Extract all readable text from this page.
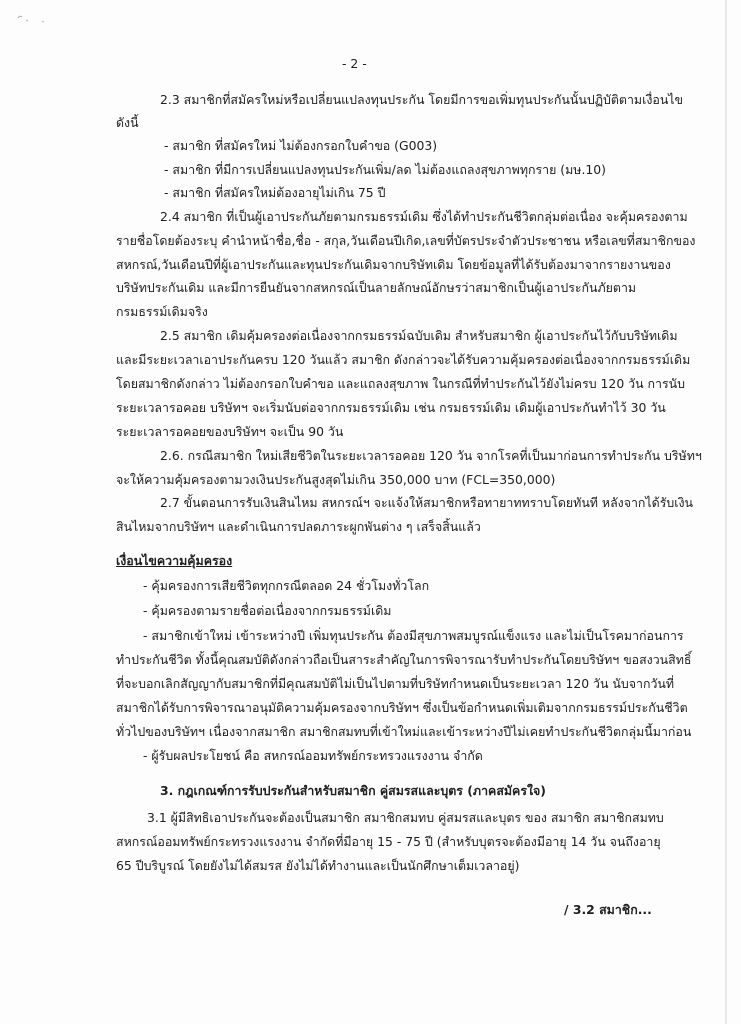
- 2 -
2.3 สมาชิกที่สมัครใหม่หรือเปลี่ยนแปลงทุนประกัน โดยมีการขอเพิ่มทุนประกันนั้นปฏิบัติตามเงื่อนไข
ดังนี้
- สมาชิก ที่สมัครใหม่ ไม่ต้องกรอกใบคำขอ (G003)
- สมาชิก ที่มีการเปลี่ยนแปลงทุนประกันเพิ่ม/ลด ไม่ต้องแถลงสุขภาพทุกราย (มษ.10)
- สมาชิก ที่สมัครใหม่ต้องอายุไม่เกิน 75 ปี
2.4 สมาชิก ที่เป็นผู้เอาประกันภัยตามกรมธรรม์เดิม ซึ่งได้ทำประกันชีวิตกลุ่มต่อเนื่อง จะคุ้มครองตาม
รายชื่อโดยต้องระบุ คำนำหน้าชื่อ,ชื่อ - สกุล,วันเดือนปีเกิด,เลขที่บัตรประจำตัวประชาชน หรือเลขที่สมาชิกของ
สหกรณ์,วันเดือนปีที่ผู้เอาประกันและทุนประกันเดิมจากบริษัทเดิม โดยข้อมูลที่ได้รับต้องมาจากรายงานของ
บริษัทประกันเดิม และมีการยืนยันจากสหกรณ์เป็นลายลักษณ์อักษรว่าสมาชิกเป็นผู้เอาประกันภัยตาม
กรมธรรม์เดิมจริง
2.5 สมาชิก เดิมคุ้มครองต่อเนื่องจากกรมธรรม์ฉบับเดิม สำหรับสมาชิก ผู้เอาประกันไว้กับบริษัทเดิม
และมีระยะเวลาเอาประกันครบ 120 วันแล้ว สมาชิก ดังกล่าวจะได้รับความคุ้มครองต่อเนื่องจากกรมธรรม์เดิม
โดยสมาชิกดังกล่าว ไม่ต้องกรอกใบคำขอ และแถลงสุขภาพ ในกรณีที่ทำประกันไว้ยังไม่ครบ 120 วัน การนับ
ระยะเวลารอคอย บริษัทฯ จะเริ่มนับต่อจากกรมธรรม์เดิม เช่น กรมธรรม์เดิม เดิมผู้เอาประกันทำไว้ 30 วัน
ระยะเวลารอคอยของบริษัทฯ จะเป็น 90 วัน
2.6. กรณีสมาชิก ใหม่เสียชีวิตในระยะเวลารอคอย 120 วัน จากโรคที่เป็นมาก่อนการทำประกัน บริษัทฯ
จะให้ความคุ้มครองตามวงเงินประกันสูงสุดไม่เกิน 350,000 บาท (FCL=350,000)
2.7 ขั้นตอนการรับเงินสินไหม สหกรณ์ฯ จะแจ้งให้สมาชิกหรือทายาททราบโดยทันที หลังจากได้รับเงิน
สินไหมจากบริษัทฯ และดำเนินการปลดภาระผูกพันต่าง ๆ เสร็จสิ้นแล้ว
เงื่อนไขความคุ้มครอง
- คุ้มครองการเสียชีวิตทุกกรณีตลอด 24 ชั่วโมงทั่วโลก
- คุ้มครองตามรายชื่อต่อเนื่องจากกรมธรรม์เดิม
- สมาชิกเข้าใหม่ เข้าระหว่างปี เพิ่มทุนประกัน ต้องมีสุขภาพสมบูรณ์แข็งแรง และไม่เป็นโรคมาก่อนการ
ทำประกันชีวิต ทั้งนี้คุณสมบัติดังกล่าวถือเป็นสาระสำคัญในการพิจารณารับทำประกันโดยบริษัทฯ ขอสงวนสิทธิ์
ที่จะบอกเลิกสัญญากับสมาชิกที่มีคุณสมบัติไม่เป็นไปตามที่บริษัทกำหนดเป็นระยะเวลา 120 วัน นับจากวันที่
สมาชิกได้รับการพิจารณาอนุมัติความคุ้มครองจากบริษัทฯ ซึ่งเป็นข้อกำหนดเพิ่มเติมจากกรมธรรม์ประกันชีวิต
ทั่วไปของบริษัทฯ เนื่องจากสมาชิก สมาชิกสมทบที่เข้าใหม่และเข้าระหว่างปีไม่เคยทำประกันชีวิตกลุ่มนี้มาก่อน
- ผู้รับผลประโยชน์ คือ สหกรณ์ออมทรัพย์กระทรวงแรงงาน จำกัด
3. กฎเกณฑ์การรับประกันสำหรับสมาชิก คู่สมรสและบุตร (ภาคสมัครใจ)
3.1 ผู้มีสิทธิเอาประกันจะต้องเป็นสมาชิก สมาชิกสมทบ คู่สมรสและบุตร ของ สมาชิก สมาชิกสมทบ
สหกรณ์ออมทรัพย์กระทรวงแรงงาน จำกัดที่มีอายุ 15 - 75 ปี (สำหรับบุตรจะต้องมีอายุ 14 วัน จนถึงอายุ
65 ปีบริบูรณ์ โดยยังไม่ได้สมรส ยังไม่ได้ทำงานและเป็นนักศึกษาเต็มเวลาอยู่)
/ 3.2 สมาชิก...
